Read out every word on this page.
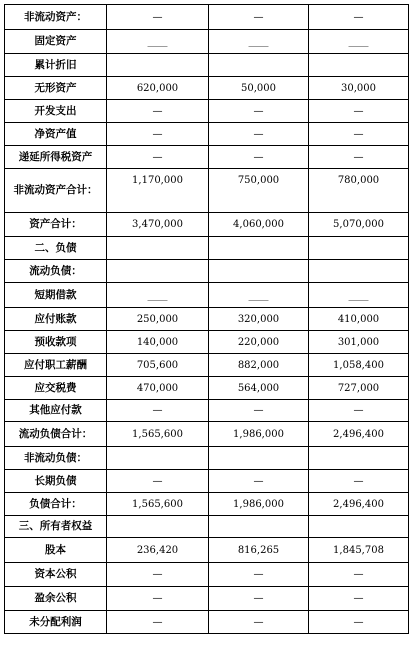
非流动资产：	—	—	—
固定资产	____	____	____
累计折旧			
无形资产	620,000	50,000	30,000
开发支出	—	—	—
净资产值	—	—	—
递延所得税资产	—	—	—
非流动资产合计：	1,170,000	750,000	780,000
资产合计：	3,470,000	4,060,000	5,070,000
二、负债			
流动负债：			
短期借款	____	____	____
应付账款	250,000	320,000	410,000
预收款项	140,000	220,000	301,000
应付职工薪酬	705,600	882,000	1,058,400
应交税费	470,000	564,000	727,000
其他应付款	—	—	—
流动负债合计：	1,565,600	1,986,000	2,496,400
非流动负债：			
长期负债	—	—	—
负债合计：	1,565,600	1,986,000	2,496,400
三、所有者权益			
股本	236,420	816,265	1,845,708
资本公积	—	—	—
盈余公积	—	—	—
未分配利润	—	—	—
